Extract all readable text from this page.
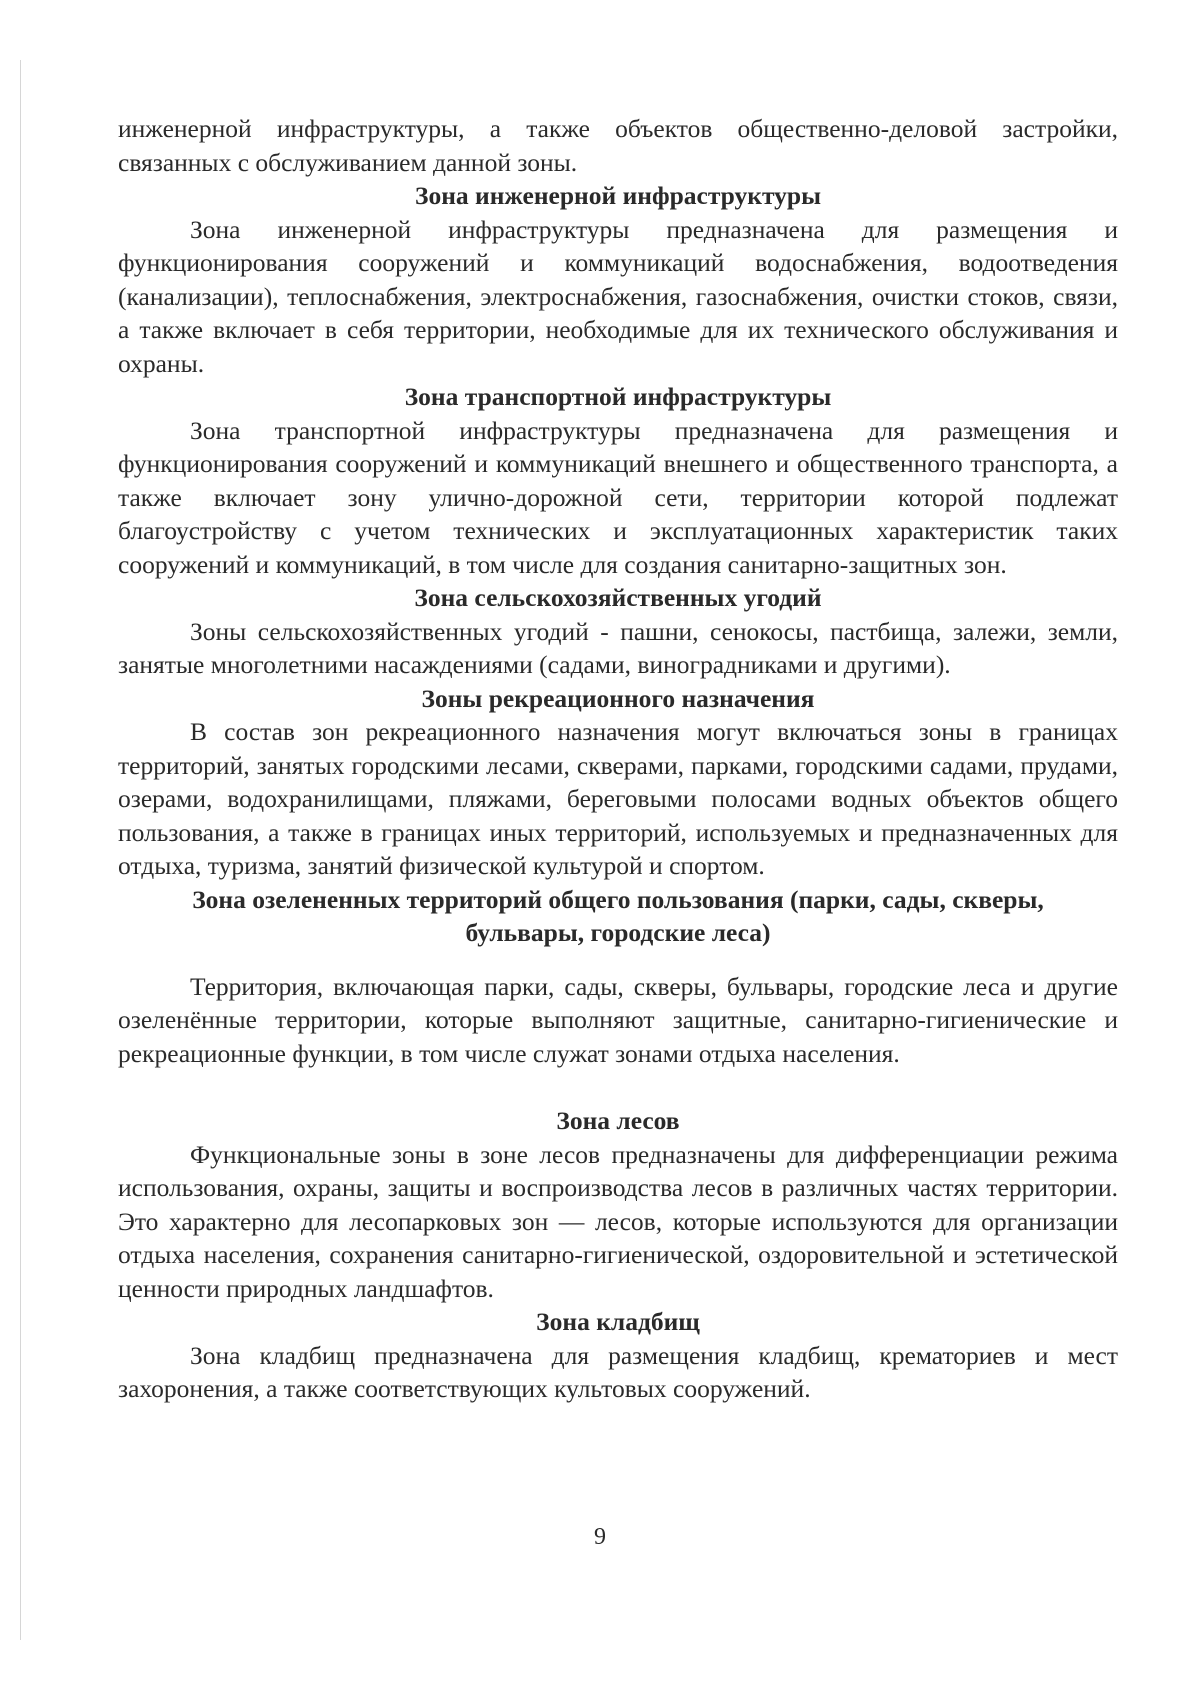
инженерной инфраструктуры, а также объектов общественно-деловой застройки, связанных с обслуживанием данной зоны.

Зона инженерной инфраструктуры

Зона инженерной инфраструктуры предназначена для размещения и функционирования сооружений и коммуникаций водоснабжения, водоотведения (канализации), теплоснабжения, электроснабжения, газоснабжения, очистки стоков, связи, а также включает в себя территории, необходимые для их технического обслуживания и охраны.

Зона транспортной инфраструктуры

Зона транспортной инфраструктуры предназначена для размещения и функционирования сооружений и коммуникаций внешнего и общественного транспорта, а также включает зону улично-дорожной сети, территории которой подлежат благоустройству с учетом технических и эксплуатационных характеристик таких сооружений и коммуникаций, в том числе для создания санитарно-защитных зон.

Зона сельскохозяйственных угодий

Зоны сельскохозяйственных угодий - пашни, сенокосы, пастбища, залежи, земли, занятые многолетними насаждениями (садами, виноградниками и другими).

Зоны рекреационного назначения

В состав зон рекреационного назначения могут включаться зоны в границах территорий, занятых городскими лесами, скверами, парками, городскими садами, прудами, озерами, водохранилищами, пляжами, береговыми полосами водных объектов общего пользования, а также в границах иных территорий, используемых и предназначенных для отдыха, туризма, занятий физической культурой и спортом.

Зона озелененных территорий общего пользования (парки, сады, скверы, бульвары, городские леса)

Территория, включающая парки, сады, скверы, бульвары, городские леса и другие озеленённые территории, которые выполняют защитные, санитарно-гигиенические и рекреационные функции, в том числе служат зонами отдыха населения.

Зона лесов

Функциональные зоны в зоне лесов предназначены для дифференциации режима использования, охраны, защиты и воспроизводства лесов в различных частях территории. Это характерно для лесопарковых зон — лесов, которые используются для организации отдыха населения, сохранения санитарно-гигиенической, оздоровительной и эстетической ценности природных ландшафтов.

Зона кладбищ

Зона кладбищ предназначена для размещения кладбищ, крематориев и мест захоронения, а также соответствующих культовых сооружений.

9
